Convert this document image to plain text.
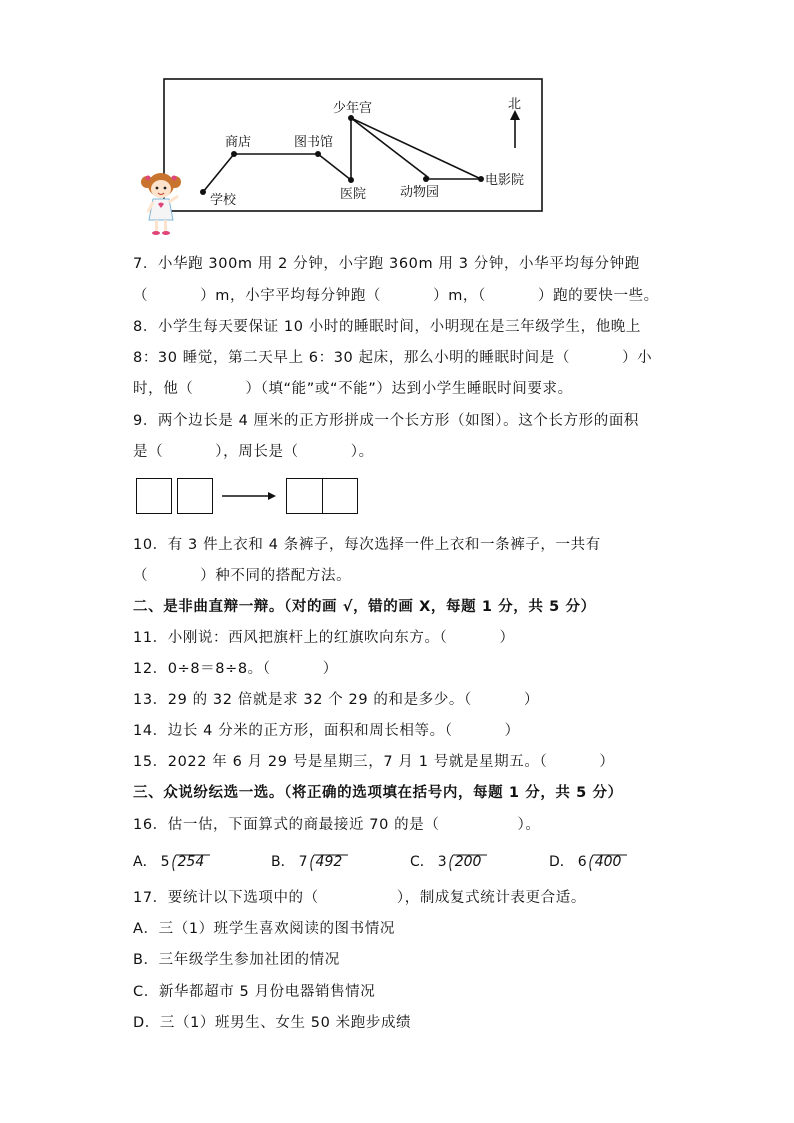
学校
商店	图书馆
少年宫
医院	动物园
电影院
北
7．小华跑 300m 用 2 分钟，小宇跑 360m 用 3 分钟，小华平均每分钟跑
（          ）m，小宇平均每分钟跑（          ）m，（          ）跑的要快一些。
8．小学生每天要保证 10 小时的睡眠时间，小明现在是三年级学生，他晚上
8：30 睡觉，第二天早上 6：30 起床，那么小明的睡眠时间是（          ）小
时，他（          ）（填“能”或“不能”）达到小学生睡眠时间要求。
9．两个边长是 4 厘米的正方形拼成一个长方形（如图）。这个长方形的面积
是（          ），周长是（          ）。
10．有 3 件上衣和 4 条裤子，每次选择一件上衣和一条裤子，一共有
（          ）种不同的搭配方法。
二、是非曲直辩一辩。（对的画 √，错的画 X，每题 1 分，共 5 分）
11．小刚说：西风把旗杆上的红旗吹向东方。（          ）
12．0÷8＝8÷8。（          ）
13．29 的 32 倍就是求 32 个 29 的和是多少。（          ）
14．边长 4 分米的正方形，面积和周长相等。（          ）
15．2022 年 6 月 29 号是星期三，7 月 1 号就是星期五。（          ）
三、众说纷纭选一选。（将正确的选项填在括号内，每题 1 分，共 5 分）
16．估一估，下面算式的商最接近 70 的是（               ）。
A． 5 254	B． 7 492	C． 3 200	D． 6 400
17．要统计以下选项中的（               ），制成复式统计表更合适。
A．三（1）班学生喜欢阅读的图书情况
B．三年级学生参加社团的情况
C．新华都超市 5 月份电器销售情况
D．三（1）班男生、女生 50 米跑步成绩
